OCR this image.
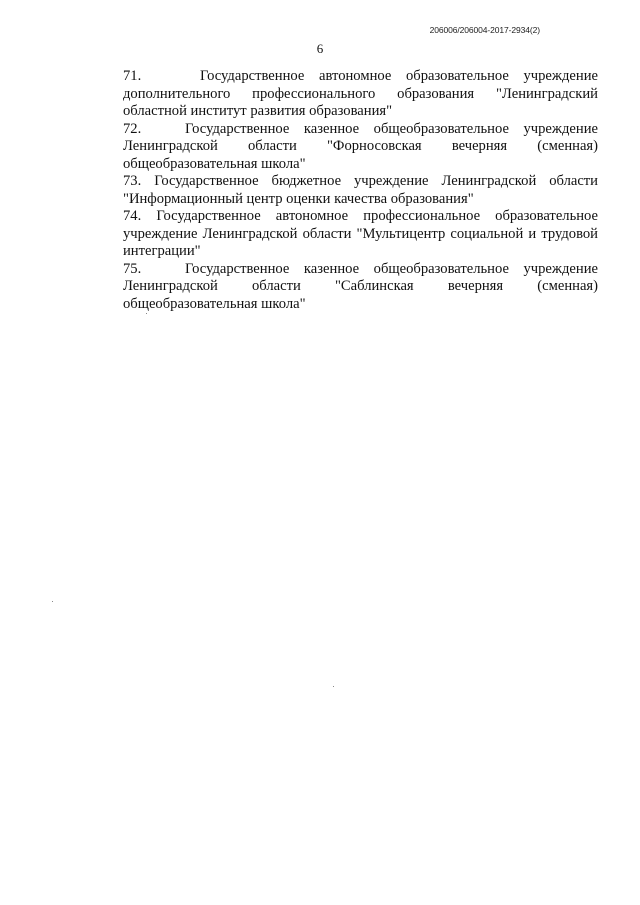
206006/206004-2017-2934(2)
6
71.	Государственное автономное образовательное учреждение
дополнительного профессионального образования "Ленинградский
областной институт развития образования"
72.	Государственное казенное общеобразовательное учреждение
Ленинградской области "Форносовская вечерняя (сменная)
общеобразовательная школа"
73. Государственное бюджетное учреждение Ленинградской области
"Информационный центр оценки качества образования"
74. Государственное автономное профессиональное образовательное
учреждение Ленинградской области "Мультицентр социальной и трудовой
интеграции"
75.	Государственное казенное общеобразовательное учреждение
Ленинградской области "Саблинская вечерняя (сменная)
общеобразовательная школа"
